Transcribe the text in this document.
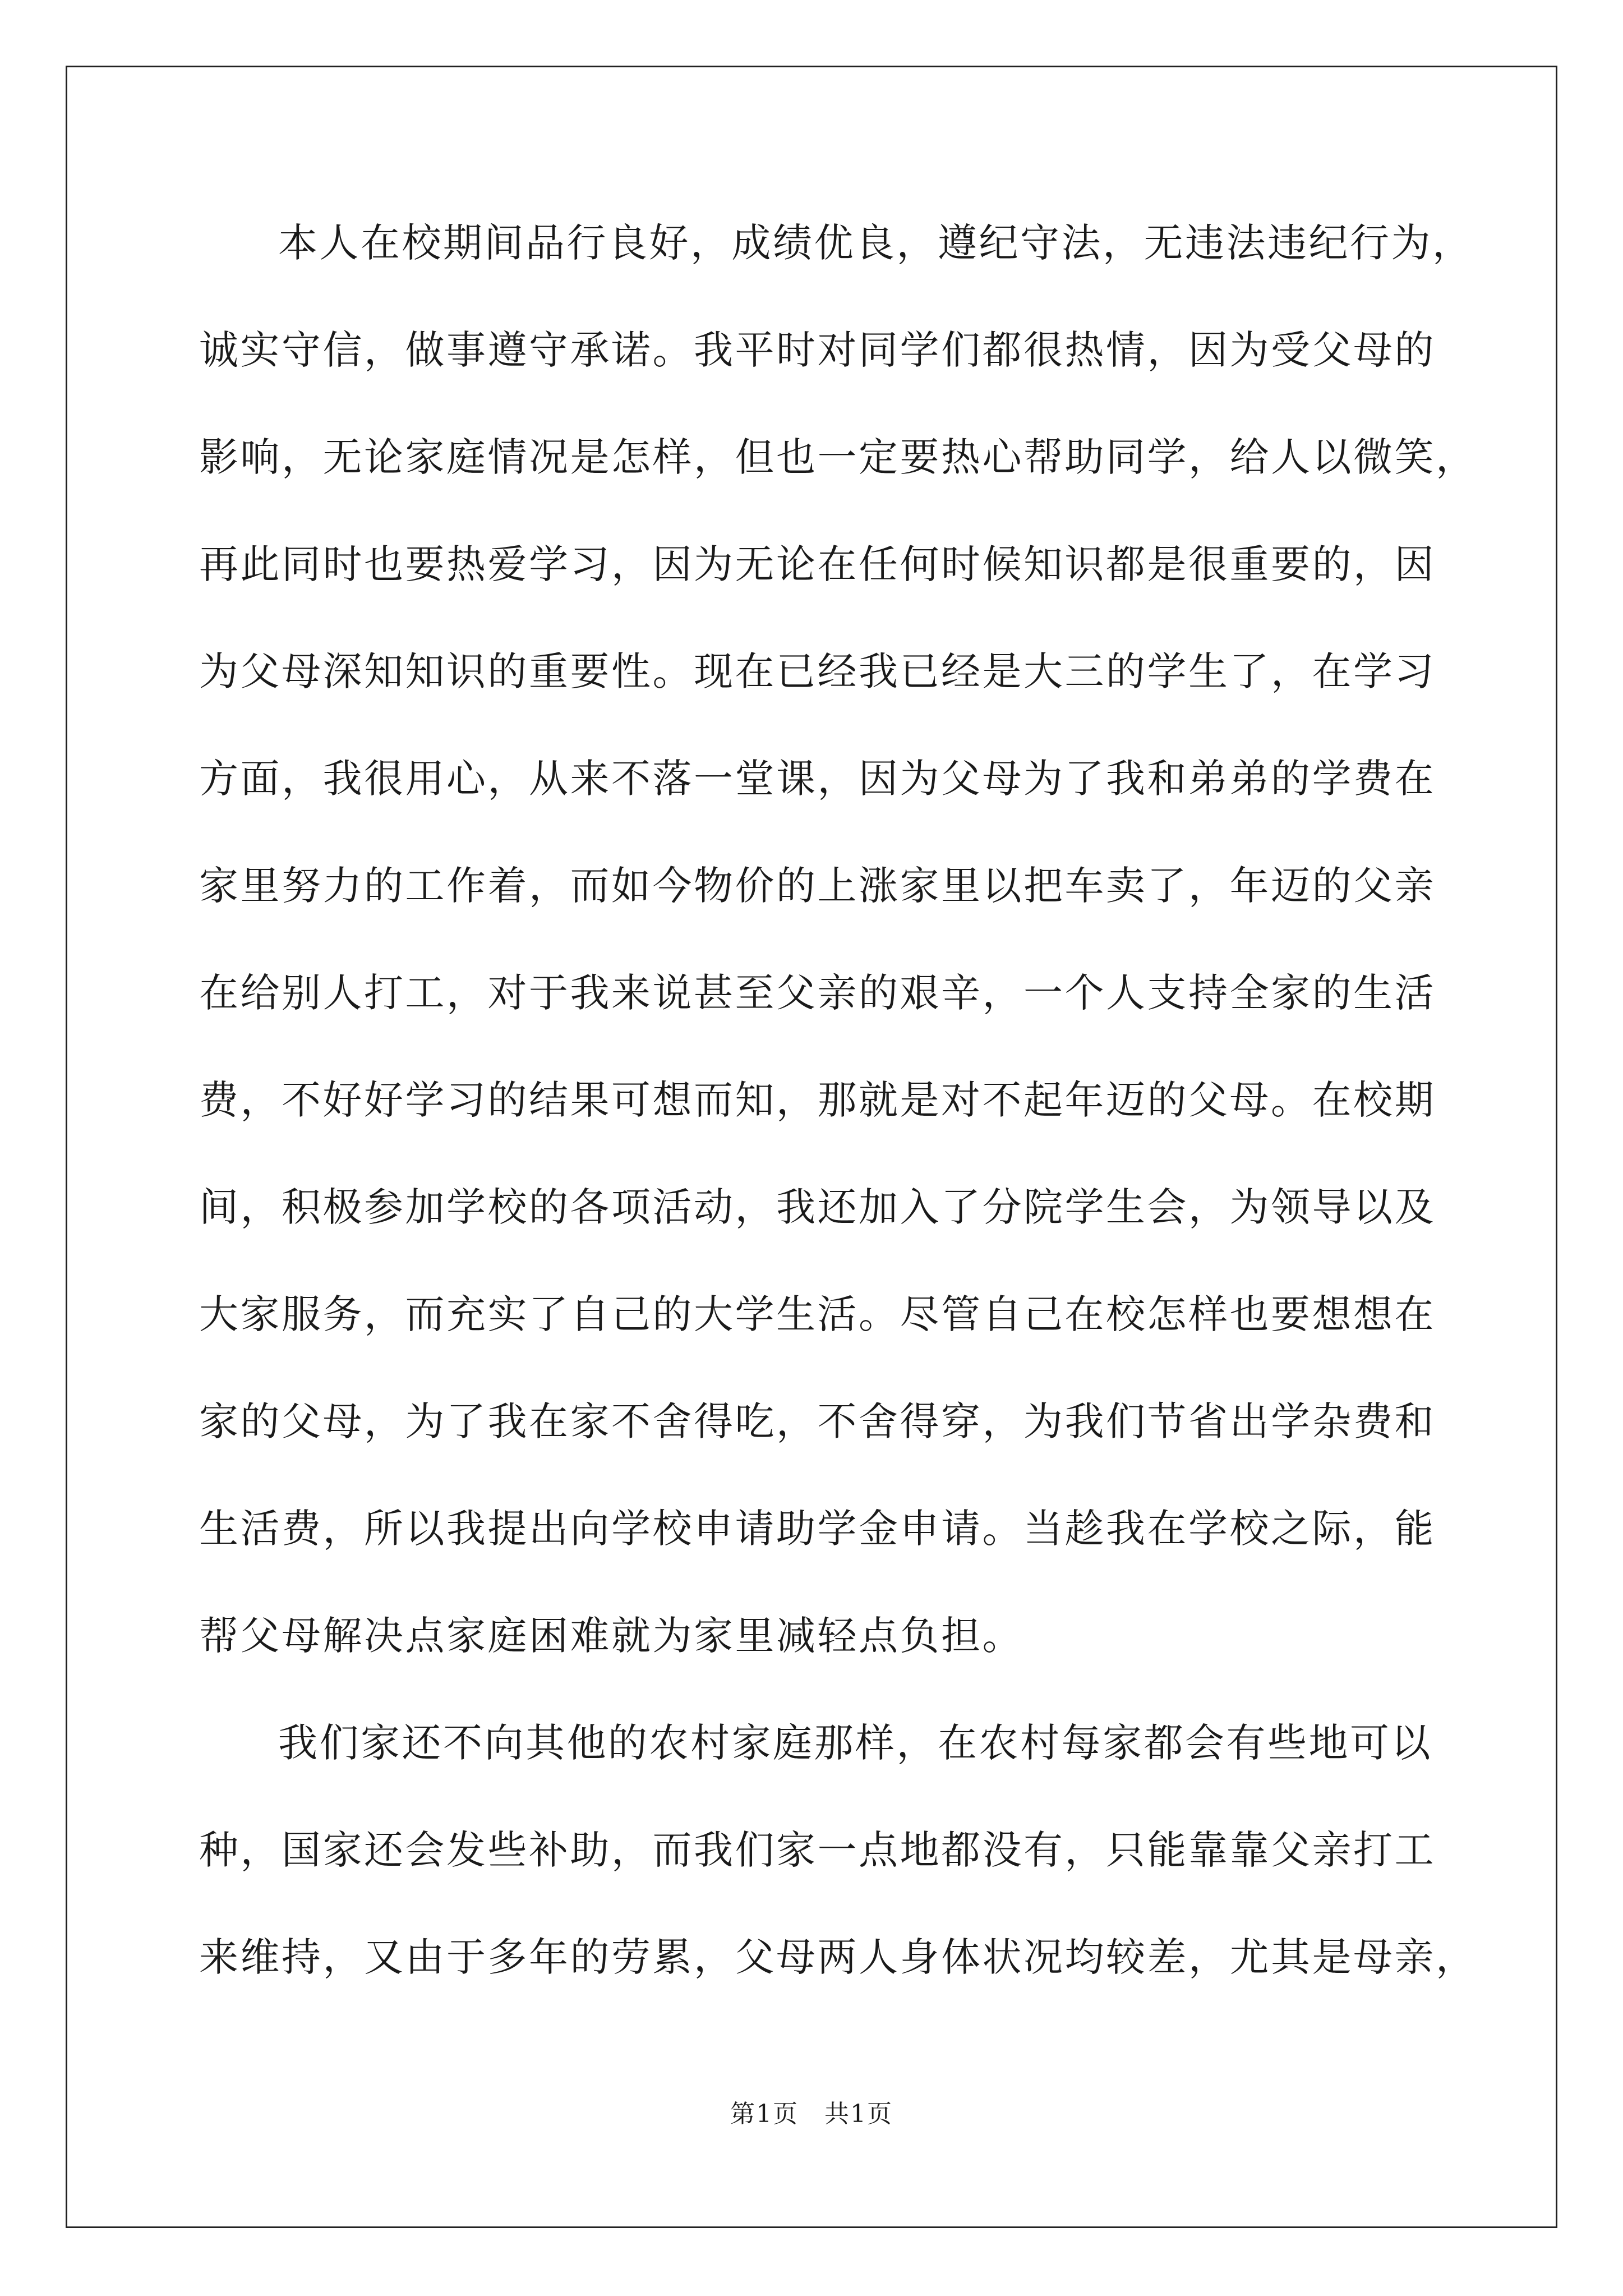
本人在校期间品行良好，成绩优良，遵纪守法，无违法违纪行为，
诚实守信，做事遵守承诺。我平时对同学们都很热情，因为受父母的
影响，无论家庭情况是怎样，但也一定要热心帮助同学，给人以微笑，
再此同时也要热爱学习，因为无论在任何时候知识都是很重要的，因
为父母深知知识的重要性。现在已经我已经是大三的学生了，在学习
方面，我很用心，从来不落一堂课，因为父母为了我和弟弟的学费在
家里努力的工作着，而如今物价的上涨家里以把车卖了，年迈的父亲
在给别人打工，对于我来说甚至父亲的艰辛，一个人支持全家的生活
费，不好好学习的结果可想而知，那就是对不起年迈的父母。在校期
间，积极参加学校的各项活动，我还加入了分院学生会，为领导以及
大家服务，而充实了自己的大学生活。尽管自己在校怎样也要想想在
家的父母，为了我在家不舍得吃，不舍得穿，为我们节省出学杂费和
生活费，所以我提出向学校申请助学金申请。当趁我在学校之际，能
帮父母解决点家庭困难就为家里减轻点负担。
我们家还不向其他的农村家庭那样，在农村每家都会有些地可以
种，国家还会发些补助，而我们家一点地都没有，只能靠靠父亲打工
来维持，又由于多年的劳累，父母两人身体状况均较差，尤其是母亲，
第1页　共1页
